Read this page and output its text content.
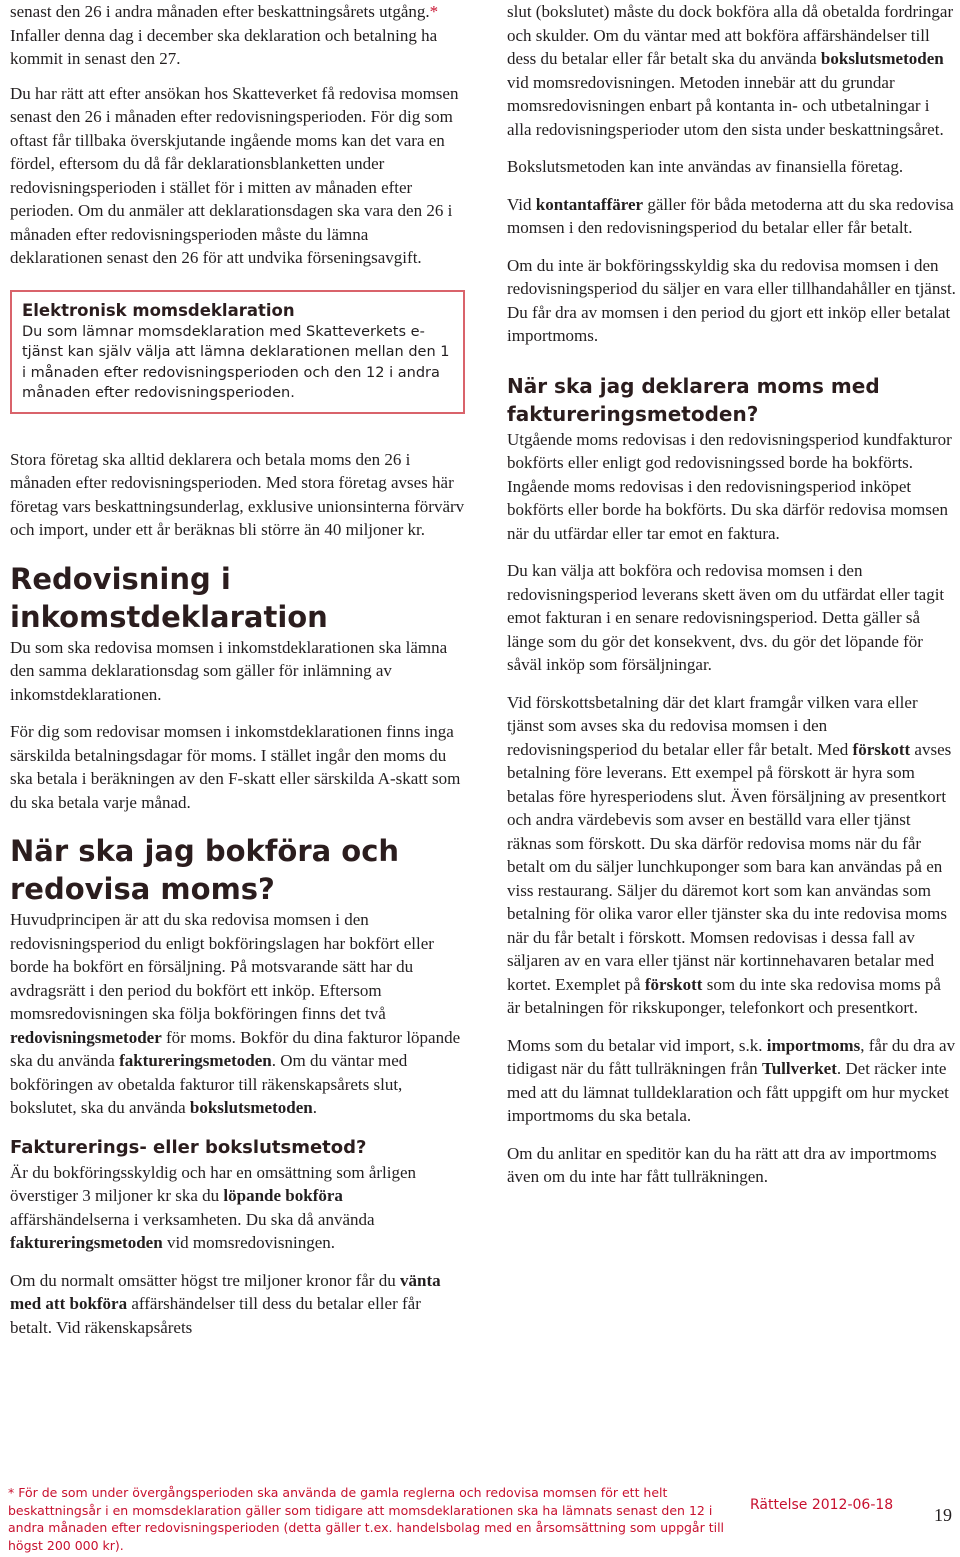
senast den 26 i andra månaden efter beskattningsårets utgång.* Infaller denna dag i december ska deklaration och betalning ha kommit in senast den 27.

Du har rätt att efter ansökan hos Skatteverket få redovisa momsen senast den 26 i månaden efter redovisningsperioden. För dig som oftast får tillbaka överskjutande ingående moms kan det vara en fördel, eftersom du då får deklarationsblanketten under redovisningsperioden i stället för i mitten av månaden efter perioden. Om du anmäler att deklarationsdagen ska vara den 26 i månaden efter redovisningsperioden måste du lämna deklarationen senast den 26 för att undvika förseningsavgift.

Elektronisk momsdeklaration
Du som lämnar momsdeklaration med Skatteverkets e-tjänst kan själv välja att lämna deklarationen mellan den 1 i månaden efter redovisningsperioden och den 12 i andra månaden efter redovisningsperioden.

Stora företag ska alltid deklarera och betala moms den 26 i månaden efter redovisningsperioden. Med stora företag avses här företag vars beskattningsunderlag, exklusive unionsinterna förvärv och import, under ett år beräknas bli större än 40 miljoner kr.

Redovisning i inkomstdeklaration

Du som ska redovisa momsen i inkomstdeklarationen ska lämna den samma deklarationsdag som gäller för inlämning av inkomstdeklarationen.

För dig som redovisar momsen i inkomstdeklarationen finns inga särskilda betalningsdagar för moms. I stället ingår den moms du ska betala i beräkningen av den F-skatt eller särskilda A-skatt som du ska betala varje månad.

När ska jag bokföra och redovisa moms?

Huvudprincipen är att du ska redovisa momsen i den redovisningsperiod du enligt bokföringslagen har bokfört eller borde ha bokfört en försäljning. På motsvarande sätt har du avdragsrätt i den period du bokfört ett inköp. Eftersom momsredovisningen ska följa bokföringen finns det två redovisningsmetoder för moms. Bokför du dina fakturor löpande ska du använda faktureringsmetoden. Om du väntar med bokföringen av obetalda fakturor till räkenskapsårets slut, bokslutet, ska du använda bokslutsmetoden.

Fakturerings- eller bokslutsmetod?

Är du bokföringsskyldig och har en omsättning som årligen överstiger 3 miljoner kr ska du löpande bokföra affärshändelserna i verksamheten. Du ska då använda faktureringsmetoden vid momsredovisningen.

Om du normalt omsätter högst tre miljoner kronor får du vänta med att bokföra affärshändelser till dess du betalar eller får betalt. Vid räkenskapsårets

slut (bokslutet) måste du dock bokföra alla då obetalda fordringar och skulder. Om du väntar med att bokföra affärshändelser till dess du betalar eller får betalt ska du använda bokslutsmetoden vid momsredovisningen. Metoden innebär att du grundar momsredovisningen enbart på kontanta in- och utbetalningar i alla redovisningsperioder utom den sista under beskattningsåret.

Bokslutsmetoden kan inte användas av finansiella företag.

Vid kontantaffärer gäller för båda metoderna att du ska redovisa momsen i den redovisningsperiod du betalar eller får betalt.

Om du inte är bokföringsskyldig ska du redovisa momsen i den redovisningsperiod du säljer en vara eller tillhandahåller en tjänst. Du får dra av momsen i den period du gjort ett inköp eller betalat importmoms.

När ska jag deklarera moms med faktureringsmetoden?

Utgående moms redovisas i den redovisningsperiod kundfakturor bokförts eller enligt god redovisningssed borde ha bokförts. Ingående moms redovisas i den redovisningsperiod inköpet bokförts eller borde ha bokförts. Du ska därför redovisa momsen när du utfärdar eller tar emot en faktura.

Du kan välja att bokföra och redovisa momsen i den redovisningsperiod leverans skett även om du utfärdat eller tagit emot fakturan i en senare redovisningsperiod. Detta gäller så länge som du gör det konsekvent, dvs. du gör det löpande för såväl inköp som försäljningar.

Vid förskottsbetalning där det klart framgår vilken vara eller tjänst som avses ska du redovisa momsen i den redovisningsperiod du betalar eller får betalt. Med förskott avses betalning före leverans. Ett exempel på förskott är hyra som betalas före hyresperiodens slut. Även försäljning av presentkort och andra värdebevis som avser en beställd vara eller tjänst räknas som förskott. Du ska därför redovisa moms när du får betalt om du säljer lunchkuponger som bara kan användas på en viss restaurang. Säljer du däremot kort som kan användas som betalning för olika varor eller tjänster ska du inte redovisa moms när du får betalt i förskott. Momsen redovisas i dessa fall av säljaren av en vara eller tjänst när kortinnehavaren betalar med kortet. Exemplet på förskott som du inte ska redovisa moms på är betalningen för rikskuponger, telefonkort och presentkort.

Moms som du betalar vid import, s.k. importmoms, får du dra av tidigast när du fått tullräkningen från Tullverket. Det räcker inte med att du lämnat tulldeklaration och fått uppgift om hur mycket importmoms du ska betala.

Om du anlitar en speditör kan du ha rätt att dra av importmoms även om du inte har fått tullräkningen.

* För de som under övergångsperioden ska använda de gamla reglerna och redovisa momsen för ett helt beskattningsår i en momsdeklaration gäller som tidigare att momsdeklarationen ska ha lämnats senast den 12 i andra månaden efter redovisningsperioden (detta gäller t.ex. handelsbolag med en årsomsättning som uppgår till högst 200 000 kr).
Rättelse 2012-06-18 19
